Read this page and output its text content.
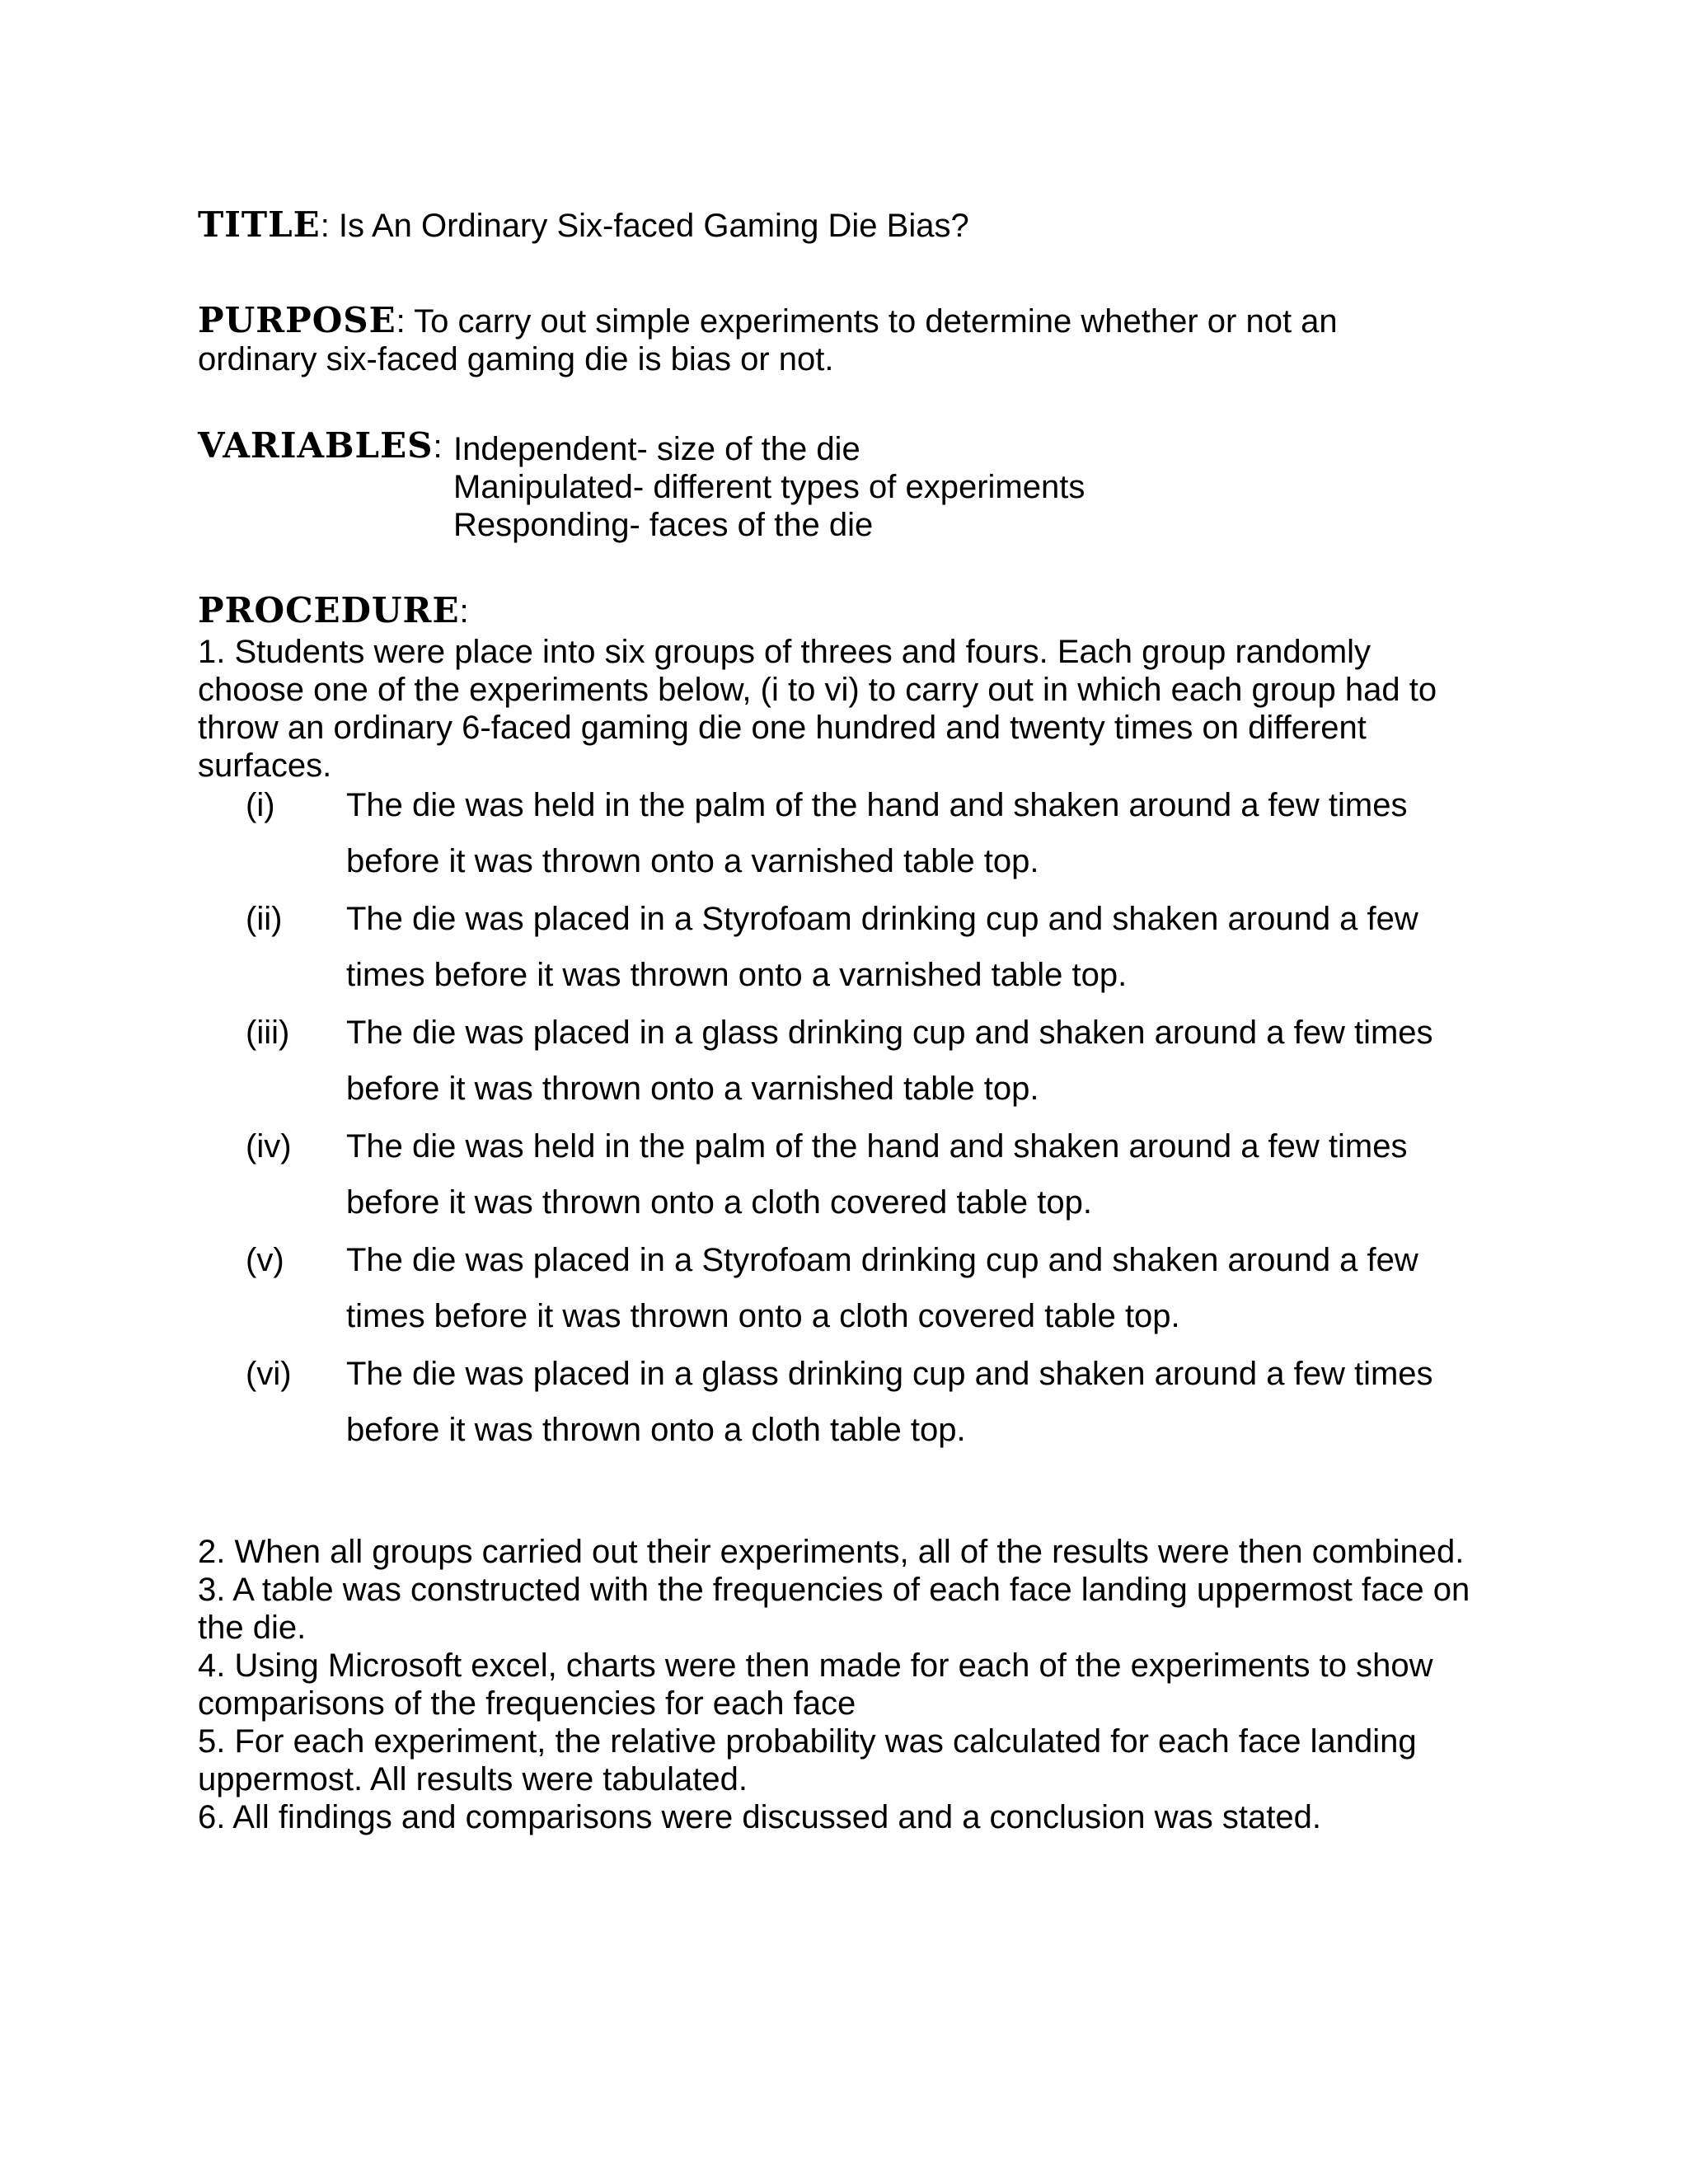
TITLE: Is An Ordinary Six-faced Gaming Die Bias?
PURPOSE: To carry out simple experiments to determine whether or not an ordinary six-faced gaming die is bias or not.
VARIABLES: Independent- size of the die
Manipulated- different types of experiments
Responding- faces of the die
PROCEDURE:
1. Students were place into six groups of threes and fours. Each group randomly choose one of the experiments below, (i to vi) to carry out in which each group had to throw an ordinary 6-faced gaming die one hundred and twenty times on different surfaces.
(i) The die was held in the palm of the hand and shaken around a few times before it was thrown onto a varnished table top.
(ii) The die was placed in a Styrofoam drinking cup and shaken around a few times before it was thrown onto a varnished table top.
(iii) The die was placed in a glass drinking cup and shaken around a few times before it was thrown onto a varnished table top.
(iv) The die was held in the palm of the hand and shaken around a few times before it was thrown onto a cloth covered table top.
(v) The die was placed in a Styrofoam drinking cup and shaken around a few times before it was thrown onto a cloth covered table top.
(vi) The die was placed in a glass drinking cup and shaken around a few times before it was thrown onto a cloth table top.
2. When all groups carried out their experiments, all of the results were then combined.
3. A table was constructed with the frequencies of each face landing uppermost face on the die.
4. Using Microsoft excel, charts were then made for each of the experiments to show comparisons of the frequencies for each face
5. For each experiment, the relative probability was calculated for each face landing uppermost. All results were tabulated.
6. All findings and comparisons were discussed and a conclusion was stated.
